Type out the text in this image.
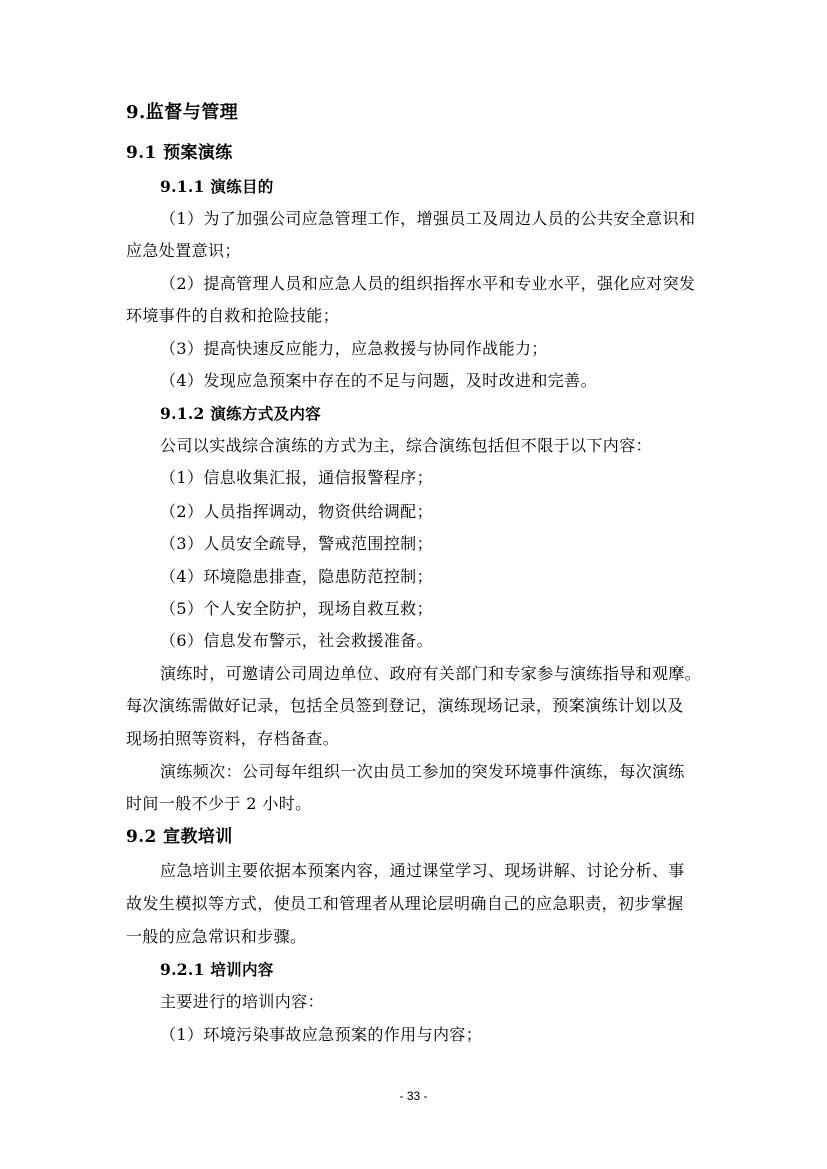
9.监督与管理
9.1 预案演练
9.1.1 演练目的
（1）为了加强公司应急管理工作，增强员工及周边人员的公共安全意识和
应急处置意识；
（2）提高管理人员和应急人员的组织指挥水平和专业水平，强化应对突发
环境事件的自救和抢险技能；
（3）提高快速反应能力，应急救援与协同作战能力；
（4）发现应急预案中存在的不足与问题，及时改进和完善。
9.1.2 演练方式及内容
公司以实战综合演练的方式为主，综合演练包括但不限于以下内容：
（1）信息收集汇报，通信报警程序；
（2）人员指挥调动，物资供给调配；
（3）人员安全疏导，警戒范围控制；
（4）环境隐患排查，隐患防范控制；
（5）个人安全防护，现场自救互救；
（6）信息发布警示，社会救援准备。
演练时，可邀请公司周边单位、政府有关部门和专家参与演练指导和观摩。
每次演练需做好记录，包括全员签到登记，演练现场记录，预案演练计划以及
现场拍照等资料，存档备查。
演练频次：公司每年组织一次由员工参加的突发环境事件演练，每次演练
时间一般不少于 2 小时。
9.2 宣教培训
应急培训主要依据本预案内容，通过课堂学习、现场讲解、讨论分析、事
故发生模拟等方式，使员工和管理者从理论层明确自己的应急职责，初步掌握
一般的应急常识和步骤。
9.2.1 培训内容
主要进行的培训内容：
（1）环境污染事故应急预案的作用与内容；
- 33 -
